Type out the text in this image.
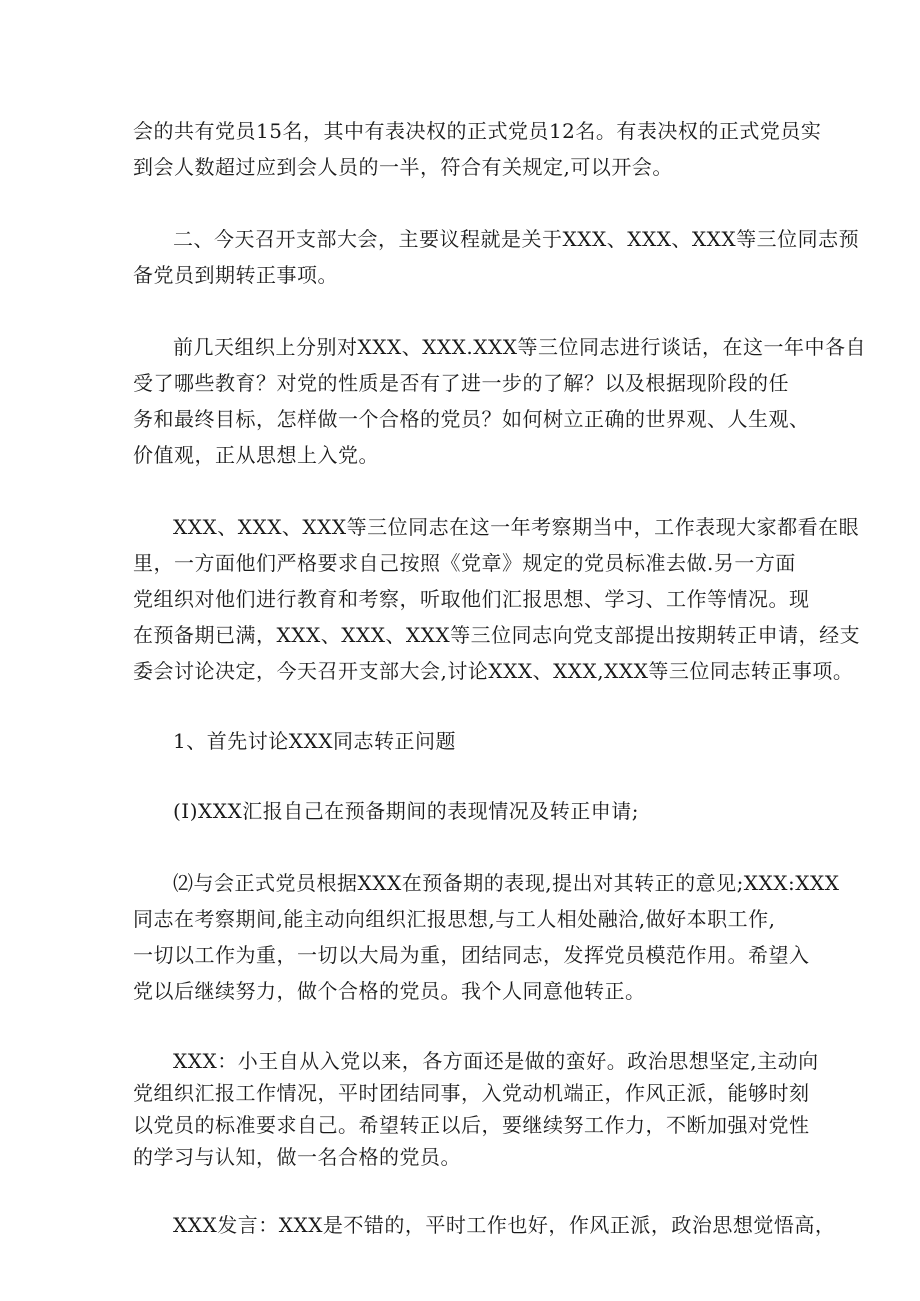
会的共有党员15名，其中有表决权的正式党员12名。有表决权的正式党员实
到会人数超过应到会人员的一半，符合有关规定,可以开会。

二、今天召开支部大会，主要议程就是关于XXX、XXX、XXX等三位同志预
备党员到期转正事项。

前几天组织上分别对XXX、XXX.XXX等三位同志进行谈话，在这一年中各自
受了哪些教育？对党的性质是否有了进一步的了解？以及根据现阶段的任
务和最终目标，怎样做一个合格的党员？如何树立正确的世界观、人生观、
价值观，正从思想上入党。

XXX、XXX、XXX等三位同志在这一年考察期当中，工作表现大家都看在眼
里，一方面他们严格要求自己按照《党章》规定的党员标准去做.另一方面
党组织对他们进行教育和考察，听取他们汇报思想、学习、工作等情况。现
在预备期已满，XXX、XXX、XXX等三位同志向党支部提出按期转正申请，经支
委会讨论决定，今天召开支部大会,讨论XXX、XXX,XXX等三位同志转正事项。

1、首先讨论XXX同志转正问题

(I)XXX汇报自己在预备期间的表现情况及转正申请;

⑵与会正式党员根据XXX在预备期的表现,提出对其转正的意见;XXX:XXX
同志在考察期间,能主动向组织汇报思想,与工人相处融洽,做好本职工作,
一切以工作为重，一切以大局为重，团结同志，发挥党员模范作用。希望入
党以后继续努力，做个合格的党员。我个人同意他转正。

XXX：小王自从入党以来，各方面还是做的蛮好。政治思想坚定,主动向
党组织汇报工作情况，平时团结同事，入党动机端正，作风正派，能够时刻
以党员的标准要求自己。希望转正以后，要继续努工作力，不断加强对党性
的学习与认知，做一名合格的党员。

XXX发言：XXX是不错的，平时工作也好，作风正派，政治思想觉悟高，
